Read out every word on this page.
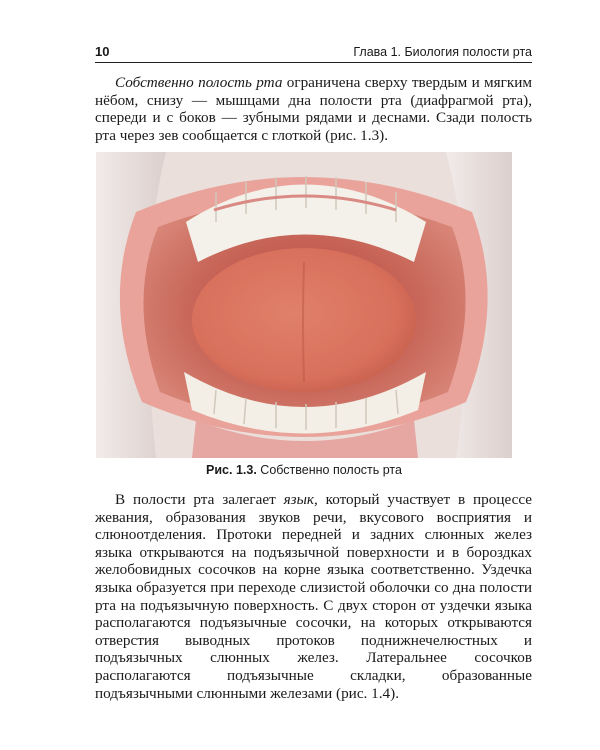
10	Глава 1. Биология полости рта

Собственно полость рта ограничена сверху твердым и мягким нёбом, снизу — мышцами дна полости рта (диафрагмой рта), спереди и с боков — зубными рядами и деснами. Сзади полость рта через зев сообщается с глоткой (рис. 1.3).

Рис. 1.3. Собственно полость рта

В полости рта залегает язык, который участвует в процессе жевания, образования звуков речи, вкусового восприятия и слюноотделения. Протоки передней и задних слюнных желез языка открываются на подъязычной поверхности и в бороздках желобовидных сосочков на корне языка соответственно. Уздечка языка образуется при переходе слизистой оболочки со дна полости рта на подъязычную поверхность. С двух сторон от уздечки языка располагаются подъязычные сосочки, на которых открываются отверстия выводных протоков поднижнечелюстных и подъязычных слюнных желез. Латеральнее сосочков располагаются подъязычные складки, образованные подъязычными слюнными железами (рис. 1.4).
